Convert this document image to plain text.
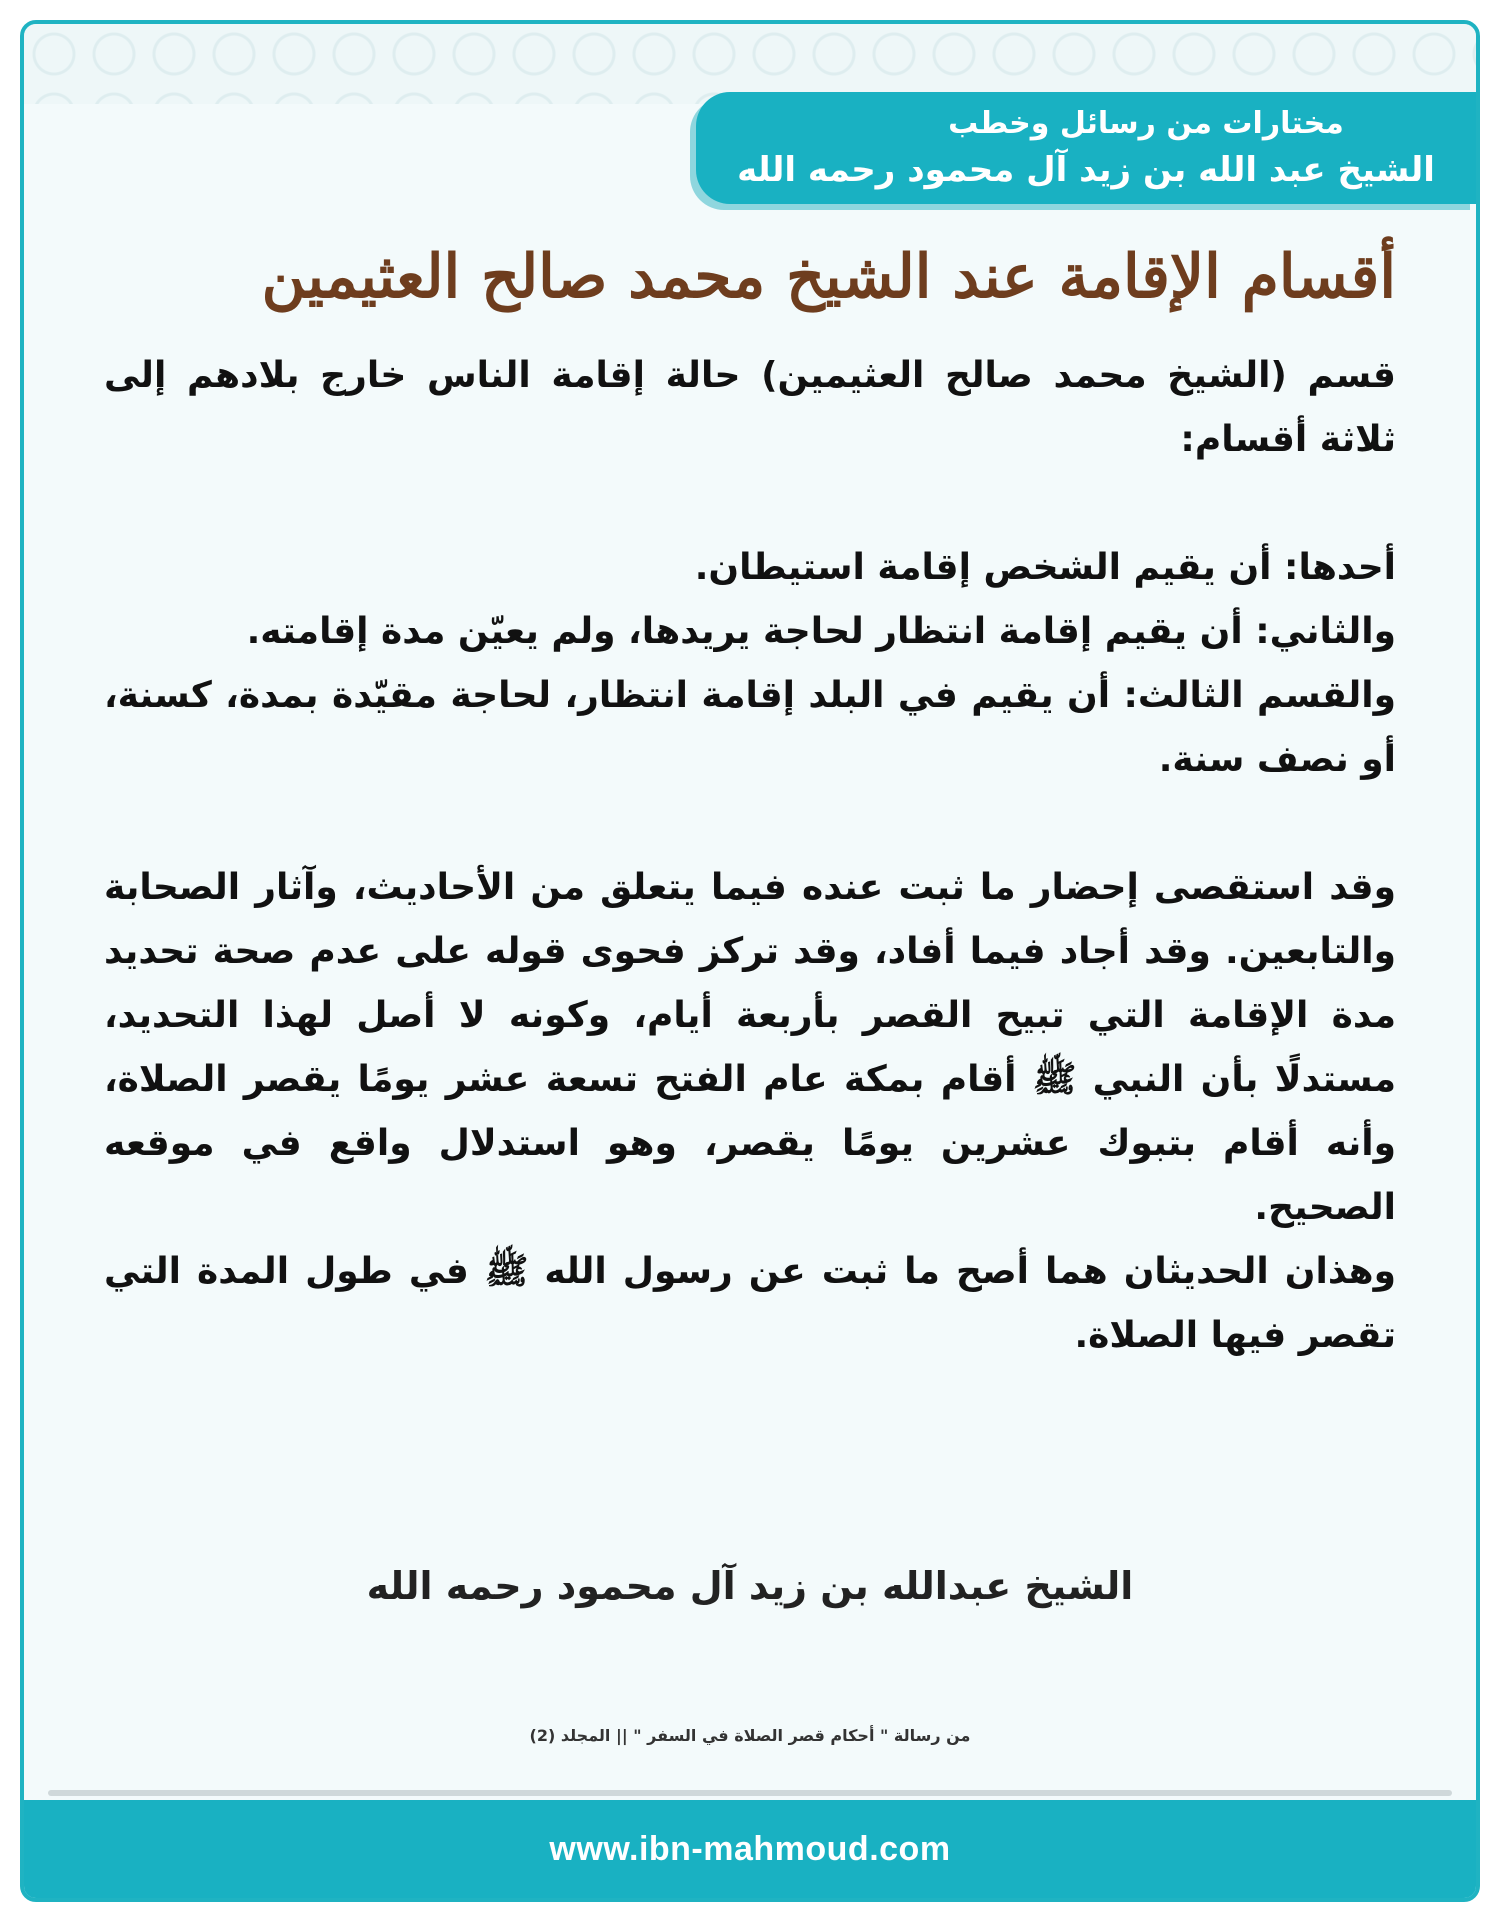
مختارات من رسائل وخطب
الشيخ عبد الله بن زيد آل محمود رحمه الله
أقسام الإقامة عند الشيخ محمد صالح العثيمين

قسم (الشيخ محمد صالح العثيمين) حالة إقامة الناس خارج بلادهم إلى ثلاثة أقسام:

أحدها: أن يقيم الشخص إقامة استيطان.

والثاني: أن يقيم إقامة انتظار لحاجة يريدها، ولم يعيّن مدة إقامته.

والقسم الثالث: أن يقيم في البلد إقامة انتظار، لحاجة مقيّدة بمدة، كسنة، أو نصف سنة.

وقد استقصى إحضار ما ثبت عنده فيما يتعلق من الأحاديث، وآثار الصحابة والتابعين. وقد أجاد فيما أفاد، وقد تركز فحوى قوله على عدم صحة تحديد مدة الإقامة التي تبيح القصر بأربعة أيام، وكونه لا أصل لهذا التحديد، مستدلًا بأن النبي ﷺ أقام بمكة عام الفتح تسعة عشر يومًا يقصر الصلاة، وأنه أقام بتبوك عشرين يومًا يقصر، وهو استدلال واقع في موقعه الصحيح.

وهذان الحديثان هما أصح ما ثبت عن رسول الله ﷺ في طول المدة التي تقصر فيها الصلاة.

الشيخ عبدالله بن زيد آل محمود رحمه الله
من رسالة " أحكام قصر الصلاة في السفر " || المجلد (2)
www.ibn-mahmoud.com
